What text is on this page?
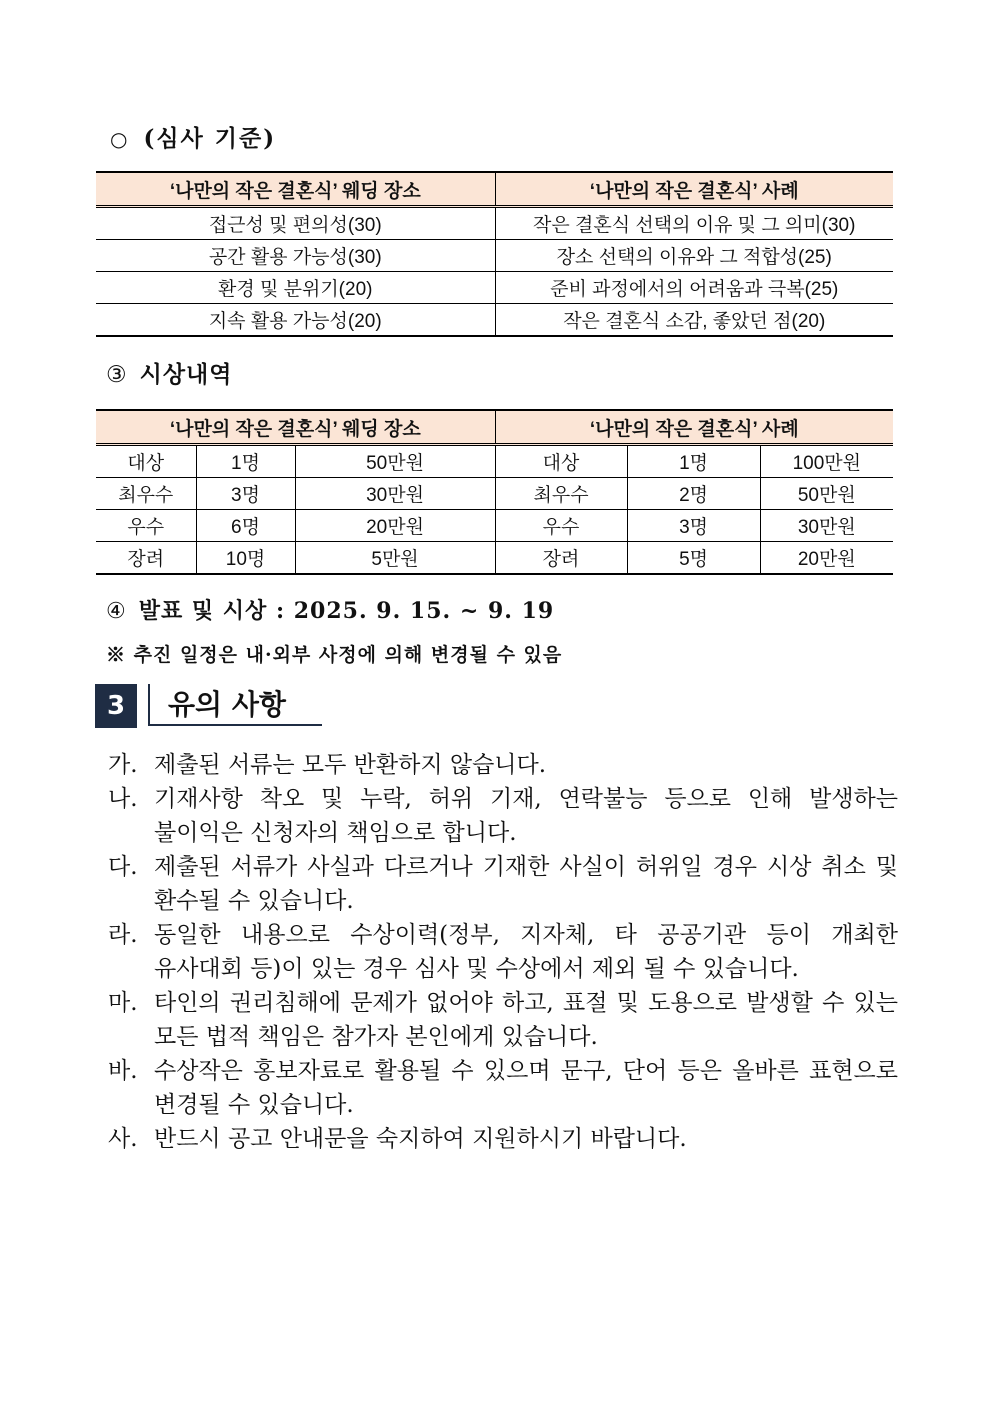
○ (심사 기준)
‘나만의 작은 결혼식’ 웨딩 장소	‘나만의 작은 결혼식’ 사례
접근성 및 편의성(30)	작은 결혼식 선택의 이유 및 그 의미(30)
공간 활용 가능성(30)	장소 선택의 이유와 그 적합성(25)
환경 및 분위기(20)	준비 과정에서의 어려움과 극복(25)
지속 활용 가능성(20)	작은 결혼식 소감, 좋았던 점(20)
③ 시상내역
‘나만의 작은 결혼식’ 웨딩 장소			‘나만의 작은 결혼식’ 사례		
대상	1명	50만원	대상	1명	100만원
최우수	3명	30만원	최우수	2명	50만원
우수	6명	20만원	우수	3명	30만원
장려	10명	5만원	장려	5명	20만원
④ 발표 및 시상 : 2025. 9. 15. ~ 9. 19
※ 추진 일정은 내·외부 사정에 의해 변경될 수 있음
3	유의 사항
가. 제출된 서류는 모두 반환하지 않습니다.
나. 기재사항 착오 및 누락, 허위 기재, 연락불능 등으로 인해 발생하는 불이익은 신청자의 책임으로 합니다.
다. 제출된 서류가 사실과 다르거나 기재한 사실이 허위일 경우 시상 취소 및 환수될 수 있습니다.
라. 동일한 내용으로 수상이력(정부, 지자체, 타 공공기관 등이 개최한 유사대회 등)이 있는 경우 심사 및 수상에서 제외 될 수 있습니다.
마. 타인의 권리침해에 문제가 없어야 하고, 표절 및 도용으로 발생할 수 있는 모든 법적 책임은 참가자 본인에게 있습니다.
바. 수상작은 홍보자료로 활용될 수 있으며 문구, 단어 등은 올바른 표현으로 변경될 수 있습니다.
사. 반드시 공고 안내문을 숙지하여 지원하시기 바랍니다.
